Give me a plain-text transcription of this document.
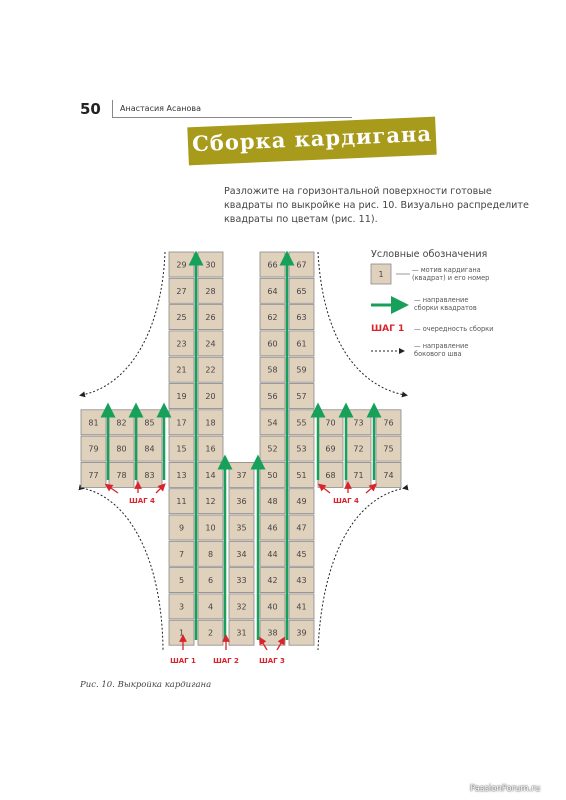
50 Анастасия Асанова
Сборка кардигана
Разложите на горизонтальной поверхности готовые
квадраты по выкройке на рис. 10. Визуально распределите
квадраты по цветам (рис. 11).
29 30	66 67
27 28	64 65
25 26	62 63
23 24	60 61
21 22	58 59
19 20	56 57
81 82 85	17 18	54 55 70 73 76
79 80 84	15 16	52 53 69 72 75
77 78 83	13 14	37	50 51 68 71 74
11 12	36	48 49
9	10	35	46 47
7	8	34	44 45
5	6	33	42 43
3	4	32	40 41
1	2	31	38 39
ШАГ 1 ШАГ 2	ШАГ 3
ШАГ 4	ШАГ 4
Условные обозначения
1	— мотив кардигана
(квадрат) и его номер
— направление
сборки квадратов
ШАГ 1 — очередность сборки
— направление
бокового шва
Рис. 10. Выкройка кардигана
PassionForum.ru
